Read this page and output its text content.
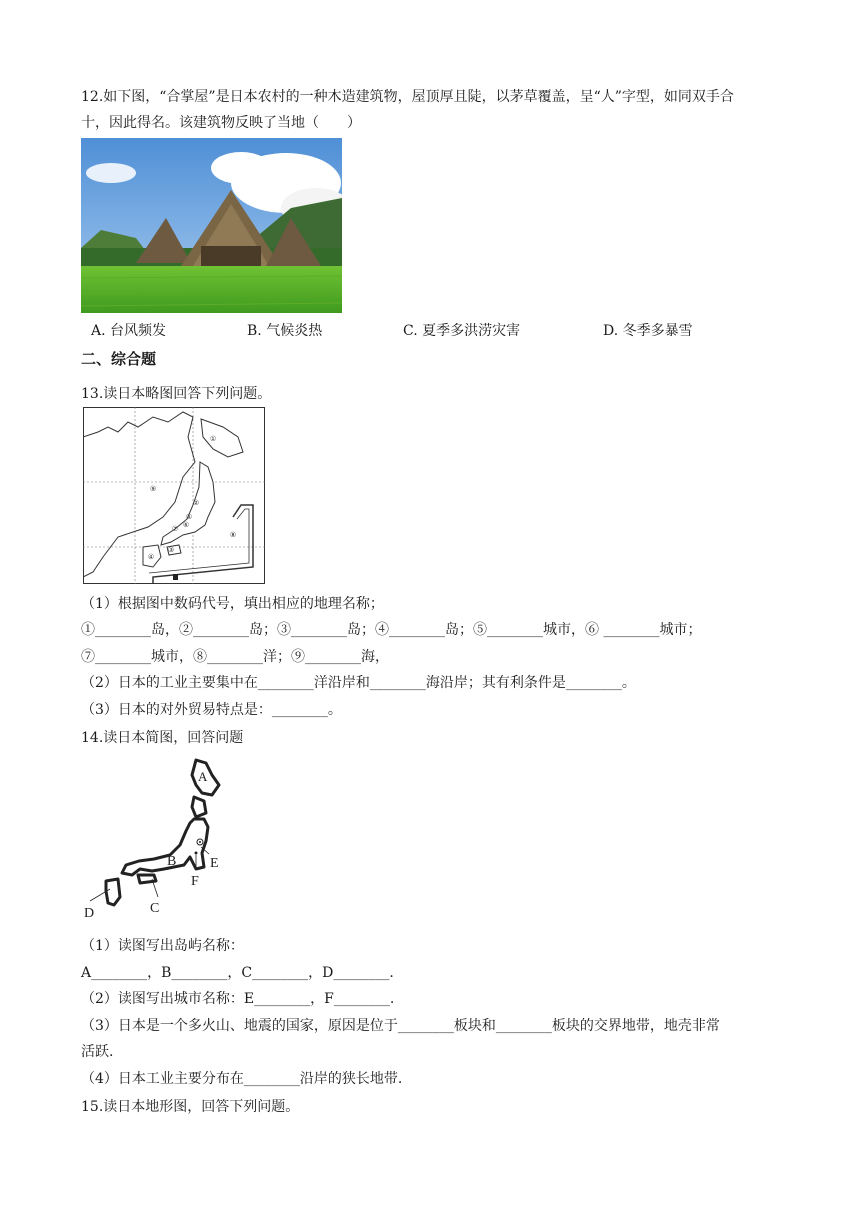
12.如下图，“合掌屋”是日本农村的一种木造建筑物，屋顶厚且陡，以茅草覆盖，呈“人”字型，如同双手合
十，因此得名。该建筑物反映了当地（　　）
A. 台风频发	B. 气候炎热	C. 夏季多洪涝灾害	D. 冬季多暴雪
二、综合题
13.读日本略图回答下列问题。
①
②
③
④
⑤
⑥
⑦
⑧
⑨
（1）根据图中数码代号，填出相应的地理名称；
①________岛，②________岛；③________岛；④________岛；⑤________城市，⑥ ________城市；
⑦________城市，⑧________洋；⑨________海，
（2）日本的工业主要集中在________洋沿岸和________海沿岸；其有利条件是________。
（3）日本的对外贸易特点是：________。
14.读日本简图，回答问题
A
B
C
D
E
F
（1）读图写出岛屿名称：
A________，B________，C________，D________.
（2）读图写出城市名称：E________，F________.
（3）日本是一个多火山、地震的国家，原因是位于________板块和________板块的交界地带，地壳非常
活跃.
（4）日本工业主要分布在________沿岸的狭长地带.
15.读日本地形图，回答下列问题。
